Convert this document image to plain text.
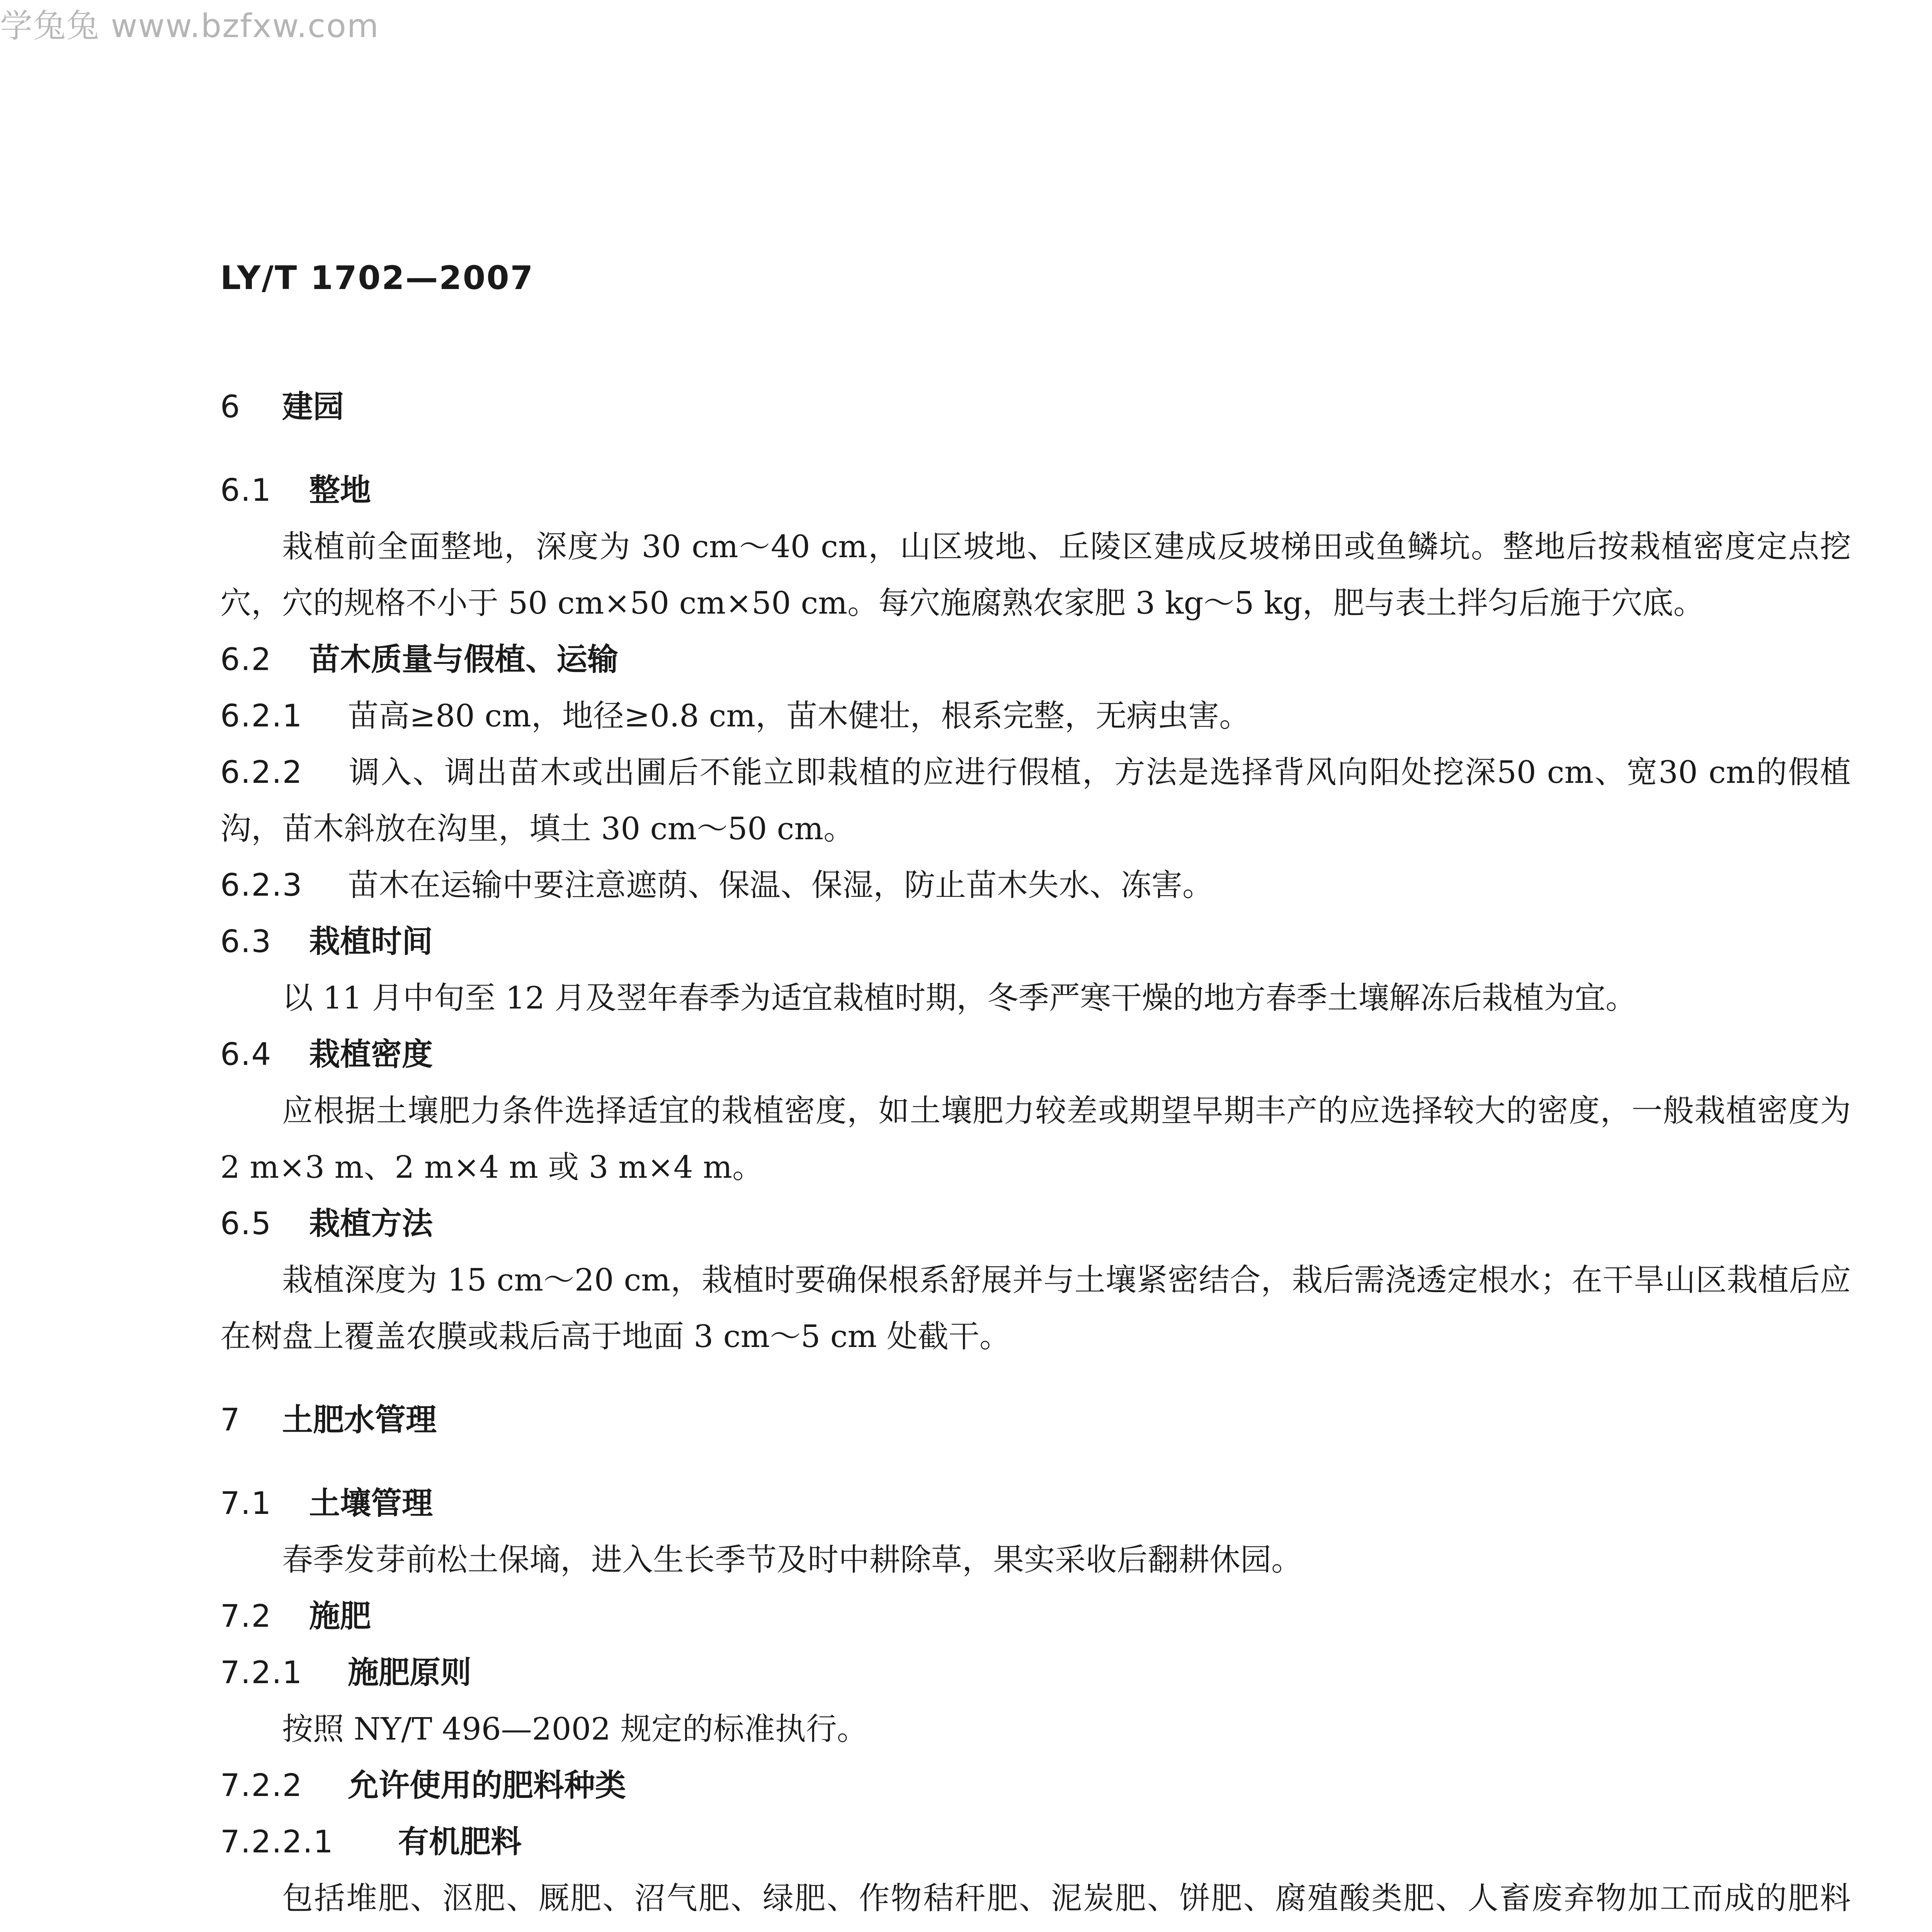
学兔兔 www.bzfxw.com
LY/T 1702—2007
6 建园
6.1 整地
栽植前全面整地，深度为 30 cm～40 cm，山区坡地、丘陵区建成反坡梯田或鱼鳞坑。整地后按栽植密度定点挖穴，穴的规格不小于 50 cm×50 cm×50 cm。每穴施腐熟农家肥 3 kg～5 kg，肥与表土拌匀后施于穴底。
6.2 苗木质量与假植、运输
6.2.1 苗高≥80 cm，地径≥0.8 cm，苗木健壮，根系完整，无病虫害。
6.2.2 调入、调出苗木或出圃后不能立即栽植的应进行假植，方法是选择背风向阳处挖深50 cm、宽30 cm的假植沟，苗木斜放在沟里，填土 30 cm～50 cm。
6.2.3 苗木在运输中要注意遮荫、保温、保湿，防止苗木失水、冻害。
6.3 栽植时间
以 11 月中旬至 12 月及翌年春季为适宜栽植时期，冬季严寒干燥的地方春季土壤解冻后栽植为宜。
6.4 栽植密度
应根据土壤肥力条件选择适宜的栽植密度，如土壤肥力较差或期望早期丰产的应选择较大的密度，一般栽植密度为 2 m×3 m、2 m×4 m 或 3 m×4 m。
6.5 栽植方法
栽植深度为 15 cm～20 cm，栽植时要确保根系舒展并与土壤紧密结合，栽后需浇透定根水；在干旱山区栽植后应在树盘上覆盖农膜或栽后高于地面 3 cm～5 cm 处截干。
7 土肥水管理
7.1 土壤管理
春季发芽前松土保墒，进入生长季节及时中耕除草，果实采收后翻耕休园。
7.2 施肥
7.2.1 施肥原则
按照 NY/T 496—2002 规定的标准执行。
7.2.2 允许使用的肥料种类
7.2.2.1 有机肥料
包括堆肥、沤肥、厩肥、沼气肥、绿肥、作物秸秆肥、泥炭肥、饼肥、腐殖酸类肥、人畜废弃物加工而成的肥料
